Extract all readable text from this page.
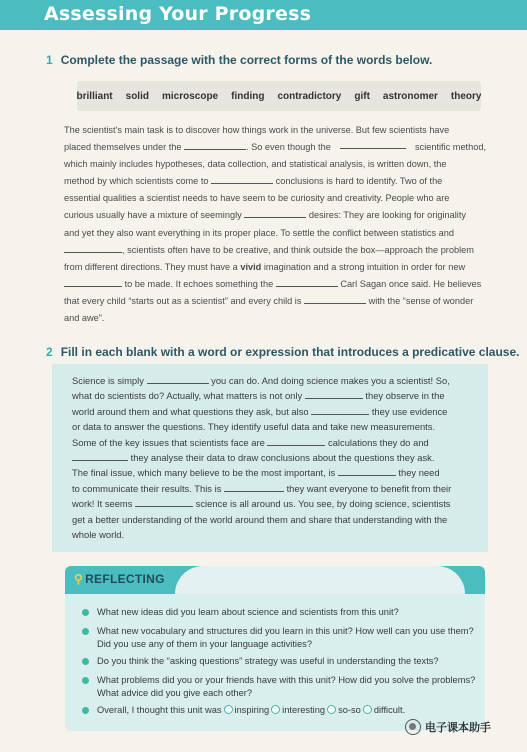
Assessing Your Progress
1 Complete the passage with the correct forms of the words below.
brilliant solid microscope finding contradictory gift astronomer theory
The scientist's main task is to discover how things work in the universe. But few scientists have
placed themselves under the	. So even though the	scientific method,
which mainly includes hypotheses, data collection, and statistical analysis, is written down, the
method by which scientists come to	conclusions is hard to identify. Two of the
essential qualities a scientist needs to have seem to be curiosity and creativity. People who are
curious usually have a mixture of seemingly	desires: They are looking for originality
and yet they also want everything in its proper place. To settle the conflict between statistics and
, scientists often have to be creative, and think outside the box—approach the problem
from different directions. They must have a vivid imagination and a strong intuition in order for new
to be made. It echoes something the	Carl Sagan once said. He believes
that every child “starts out as a scientist” and every child is	with the “sense of wonder
and awe”.
2 Fill in each blank with a word or expression that introduces a predicative clause.
Science is simply	you can do. And doing science makes you a scientist! So,
what do scientists do? Actually, what matters is not only	they observe in the
world around them and what questions they ask, but also	they use evidence
or data to answer the questions. They identify useful data and take new measurements.
Some of the key issues that scientists face are	calculations they do and
they analyse their data to draw conclusions about the questions they ask.
The final issue, which many believe to be the most important, is	they need
to communicate their results. This is	they want everyone to benefit from their
work! It seems	science is all around us. You see, by doing science, scientists
get a better understanding of the world around them and share that understanding with the
whole world.
⚲ REFLECTING
What new ideas did you learn about science and scientists from this unit?
What new vocabulary and structures did you learn in this unit? How well can you use them? Did you use any of them in your language activities?
Do you think the “asking questions” strategy was useful in understanding the texts?
What problems did you or your friends have with this unit? How did you solve the problems? What advice did you give each other?
Overall, I thought this unit was inspiring interesting so-so difficult.
电子课本助手
